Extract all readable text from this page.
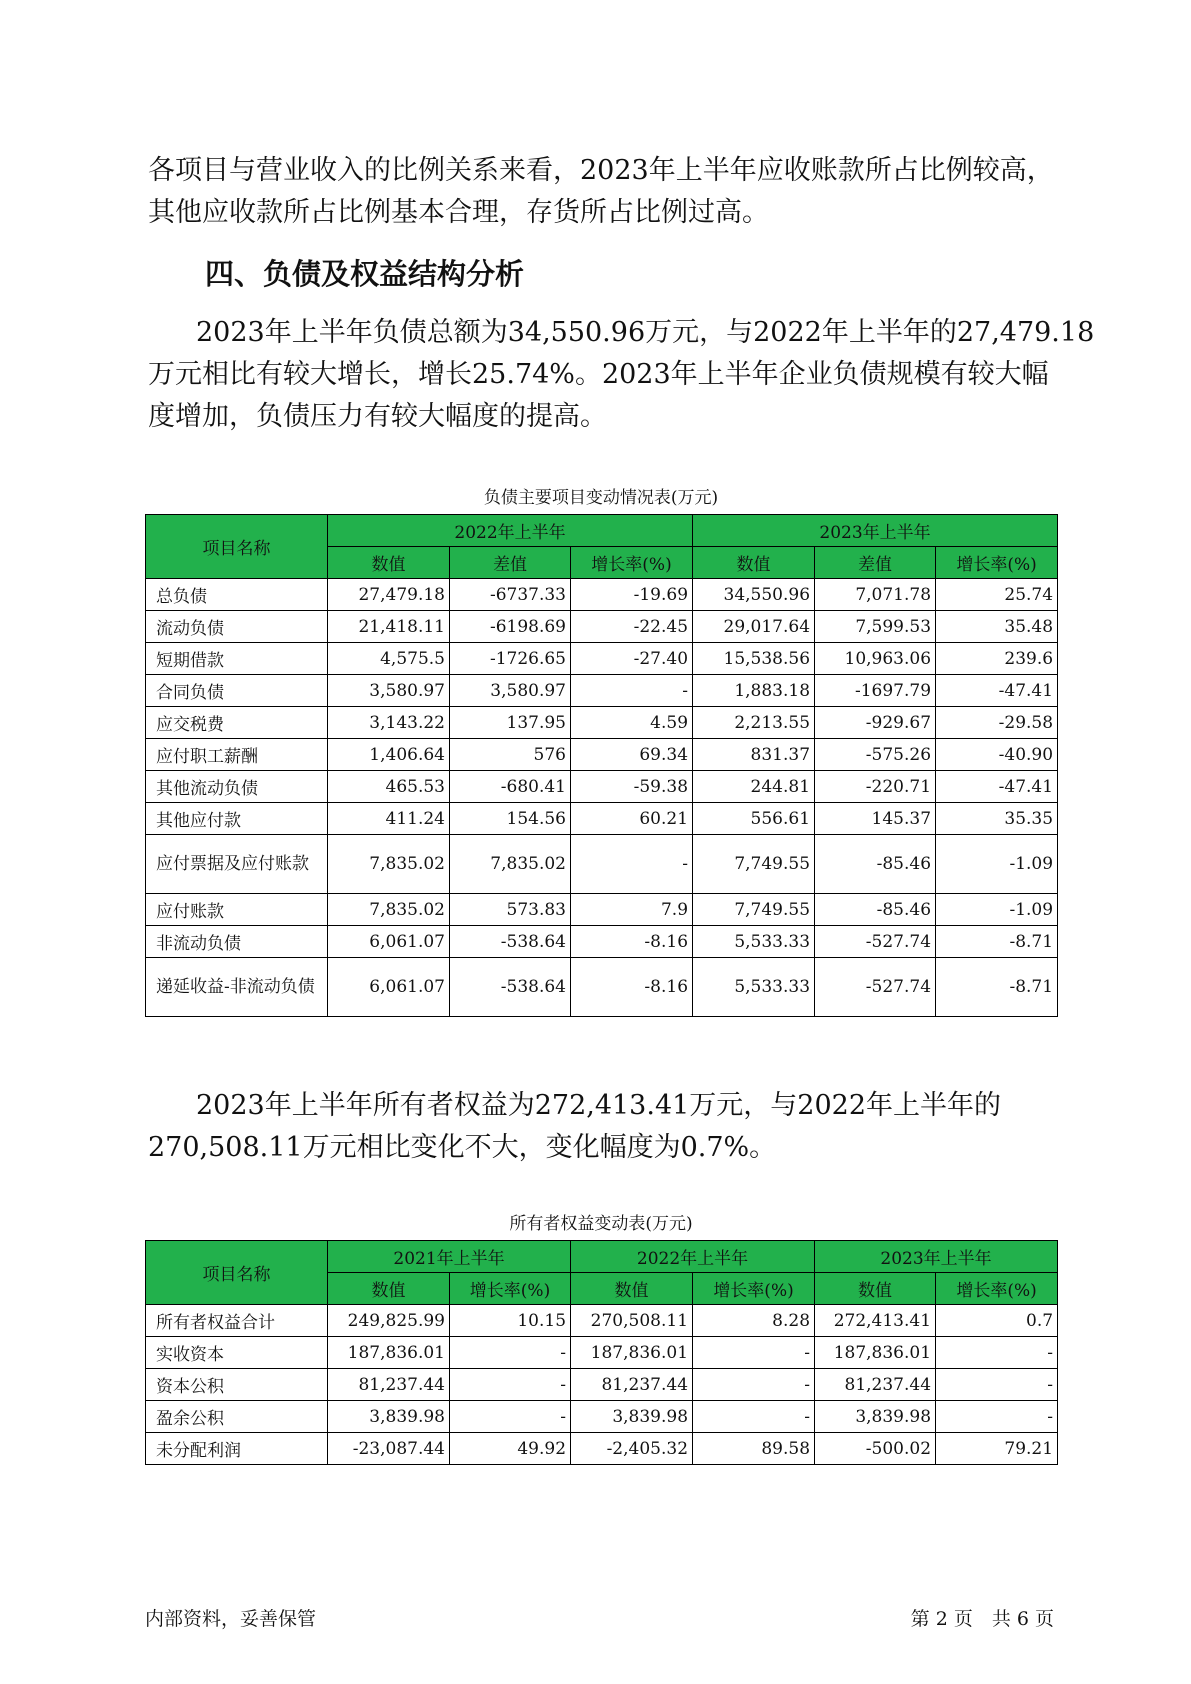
各项目与营业收入的比例关系来看，2023年上半年应收账款所占比例较高，
其他应收款所占比例基本合理，存货所占比例过高。

四、负债及权益结构分析

2023年上半年负债总额为34,550.96万元，与2022年上半年的27,479.18
万元相比有较大增长，增长25.74%。2023年上半年企业负债规模有较大幅
度增加，负债压力有较大幅度的提高。

负债主要项目变动情况表(万元)
项目名称	2022年上半年			2023年上半年		
	数值	差值	增长率(%)	数值	差值	增长率(%)
总负债	27,479.18	-6737.33	-19.69	34,550.96	7,071.78	25.74
流动负债	21,418.11	-6198.69	-22.45	29,017.64	7,599.53	35.48
短期借款	4,575.5	-1726.65	-27.40	15,538.56	10,963.06	239.6
合同负债	3,580.97	3,580.97	-	1,883.18	-1697.79	-47.41
应交税费	3,143.22	137.95	4.59	2,213.55	-929.67	-29.58
应付职工薪酬	1,406.64	576	69.34	831.37	-575.26	-40.90
其他流动负债	465.53	-680.41	-59.38	244.81	-220.71	-47.41
其他应付款	411.24	154.56	60.21	556.61	145.37	35.35
应付票据及应付账款	7,835.02	7,835.02	-	7,749.55	-85.46	-1.09
应付账款	7,835.02	573.83	7.9	7,749.55	-85.46	-1.09
非流动负债	6,061.07	-538.64	-8.16	5,533.33	-527.74	-8.71
递延收益-非流动负债	6,061.07	-538.64	-8.16	5,533.33	-527.74	-8.71

2023年上半年所有者权益为272,413.41万元，与2022年上半年的
270,508.11万元相比变化不大，变化幅度为0.7%。

所有者权益变动表(万元)
项目名称	2021年上半年		2022年上半年		2023年上半年	
	数值	增长率(%)	数值	增长率(%)	数值	增长率(%)
所有者权益合计	249,825.99	10.15	270,508.11	8.28	272,413.41	0.7
实收资本	187,836.01	-	187,836.01	-	187,836.01	-
资本公积	81,237.44	-	81,237.44	-	81,237.44	-
盈余公积	3,839.98	-	3,839.98	-	3,839.98	-
未分配利润	-23,087.44	49.92	-2,405.32	89.58	-500.02	79.21
内部资料，妥善保管	第 2 页　共 6 页
